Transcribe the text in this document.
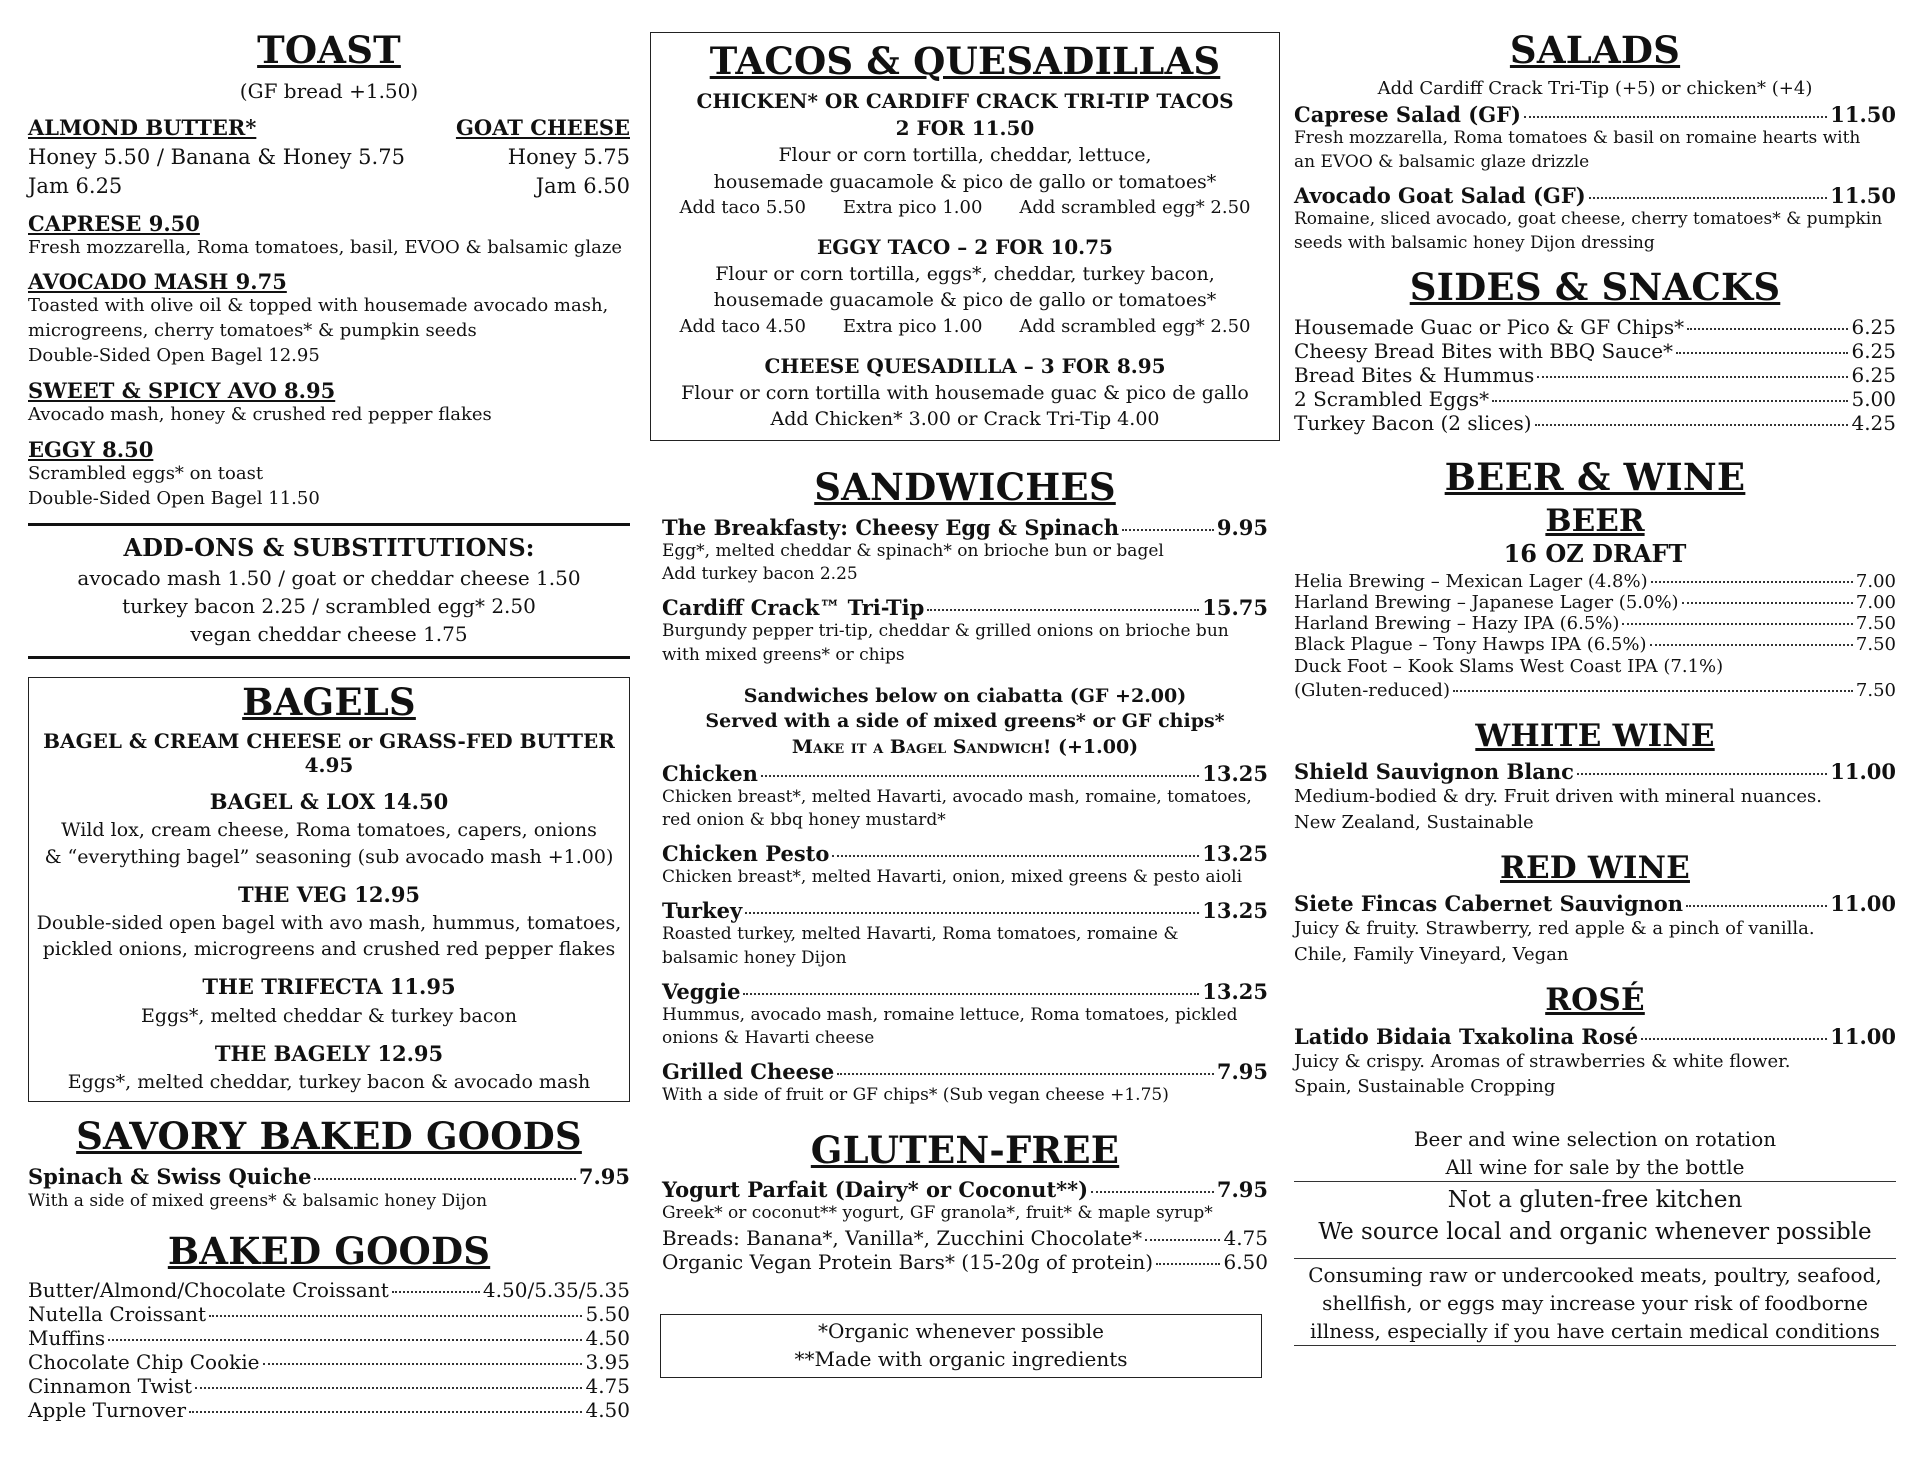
TOAST
(GF bread +1.50)
ALMOND BUTTER*
Honey 5.50 / Banana & Honey 5.75
Jam 6.25
GOAT CHEESE
Honey 5.75
Jam 6.50
CAPRESE 9.50
Fresh mozzarella, Roma tomatoes, basil, EVOO & balsamic glaze
AVOCADO MASH 9.75
Toasted with olive oil & topped with housemade avocado mash,
microgreens, cherry tomatoes* & pumpkin seeds
Double-Sided Open Bagel 12.95
SWEET & SPICY AVO 8.95
Avocado mash, honey & crushed red pepper flakes
EGGY 8.50
Scrambled eggs* on toast
Double-Sided Open Bagel 11.50
ADD-ONS & SUBSTITUTIONS:
avocado mash 1.50 / goat or cheddar cheese 1.50
turkey bacon 2.25 / scrambled egg* 2.50
vegan cheddar cheese 1.75
BAGELS
BAGEL & CREAM CHEESE or GRASS-FED BUTTER 4.95
BAGEL & LOX 14.50
Wild lox, cream cheese, Roma tomatoes, capers, onions
& “everything bagel” seasoning (sub avocado mash +1.00)
THE VEG 12.95
Double-sided open bagel with avo mash, hummus, tomatoes,
pickled onions, microgreens and crushed red pepper flakes
THE TRIFECTA 11.95
Eggs*, melted cheddar & turkey bacon
THE BAGELY 12.95
Eggs*, melted cheddar, turkey bacon & avocado mash
SAVORY BAKED GOODS
Spinach & Swiss Quiche	7.95
With a side of mixed greens* & balsamic honey Dijon
BAKED GOODS
Butter/Almond/Chocolate Croissant	4.50/5.35/5.35
Nutella Croissant	5.50
Muffins	4.50
Chocolate Chip Cookie	3.95
Cinnamon Twist	4.75
Apple Turnover	4.50
TACOS & QUESADILLAS
CHICKEN* OR CARDIFF CRACK TRI-TIP TACOS
2 FOR 11.50
Flour or corn tortilla, cheddar, lettuce,
housemade guacamole & pico de gallo or tomatoes*
Add taco 5.50 Extra pico 1.00 Add scrambled egg* 2.50
EGGY TACO – 2 FOR 10.75
Flour or corn tortilla, eggs*, cheddar, turkey bacon,
housemade guacamole & pico de gallo or tomatoes*
Add taco 4.50 Extra pico 1.00 Add scrambled egg* 2.50
CHEESE QUESADILLA – 3 FOR 8.95
Flour or corn tortilla with housemade guac & pico de gallo
Add Chicken* 3.00 or Crack Tri-Tip 4.00
SANDWICHES
The Breakfasty: Cheesy Egg & Spinach	9.95
Egg*, melted cheddar & spinach* on brioche bun or bagel
Add turkey bacon 2.25
Cardiff Crack™ Tri-Tip	15.75
Burgundy pepper tri-tip, cheddar & grilled onions on brioche bun
with mixed greens* or chips
Sandwiches below on ciabatta (GF +2.00)
Served with a side of mixed greens* or GF chips*
Make it a Bagel Sandwich! (+1.00)
Chicken	13.25
Chicken breast*, melted Havarti, avocado mash, romaine, tomatoes,
red onion & bbq honey mustard*
Chicken Pesto	13.25
Chicken breast*, melted Havarti, onion, mixed greens & pesto aioli
Turkey	13.25
Roasted turkey, melted Havarti, Roma tomatoes, romaine &
balsamic honey Dijon
Veggie	13.25
Hummus, avocado mash, romaine lettuce, Roma tomatoes, pickled
onions & Havarti cheese
Grilled Cheese	7.95
With a side of fruit or GF chips* (Sub vegan cheese +1.75)
GLUTEN-FREE
Yogurt Parfait (Dairy* or Coconut**)	7.95
Greek* or coconut** yogurt, GF granola*, fruit* & maple syrup*
Breads: Banana*, Vanilla*, Zucchini Chocolate*	4.75
Organic Vegan Protein Bars* (15-20g of protein)	6.50
*Organic whenever possible
**Made with organic ingredients
SALADS
Add Cardiff Crack Tri-Tip (+5) or chicken* (+4)
Caprese Salad (GF)	11.50
Fresh mozzarella, Roma tomatoes & basil on romaine hearts with
an EVOO & balsamic glaze drizzle
Avocado Goat Salad (GF)	11.50
Romaine, sliced avocado, goat cheese, cherry tomatoes* & pumpkin
seeds with balsamic honey Dijon dressing
SIDES & SNACKS
Housemade Guac or Pico & GF Chips*	6.25
Cheesy Bread Bites with BBQ Sauce*	6.25
Bread Bites & Hummus	6.25
2 Scrambled Eggs*	5.00
Turkey Bacon (2 slices)	4.25
BEER & WINE
BEER
16 OZ DRAFT
Helia Brewing – Mexican Lager (4.8%)	7.00
Harland Brewing – Japanese Lager (5.0%)	7.00
Harland Brewing – Hazy IPA (6.5%)	7.50
Black Plague – Tony Hawps IPA (6.5%)	7.50
Duck Foot – Kook Slams West Coast IPA (7.1%)
(Gluten-reduced)	7.50
WHITE WINE
Shield Sauvignon Blanc	11.00
Medium-bodied & dry. Fruit driven with mineral nuances.
New Zealand, Sustainable
RED WINE
Siete Fincas Cabernet Sauvignon	11.00
Juicy & fruity. Strawberry, red apple & a pinch of vanilla.
Chile, Family Vineyard, Vegan
ROSÉ
Latido Bidaia Txakolina Rosé	11.00
Juicy & crispy. Aromas of strawberries & white flower.
Spain, Sustainable Cropping
Beer and wine selection on rotation
All wine for sale by the bottle
Not a gluten-free kitchen
We source local and organic whenever possible
Consuming raw or undercooked meats, poultry, seafood,
shellfish, or eggs may increase your risk of foodborne
illness, especially if you have certain medical conditions
